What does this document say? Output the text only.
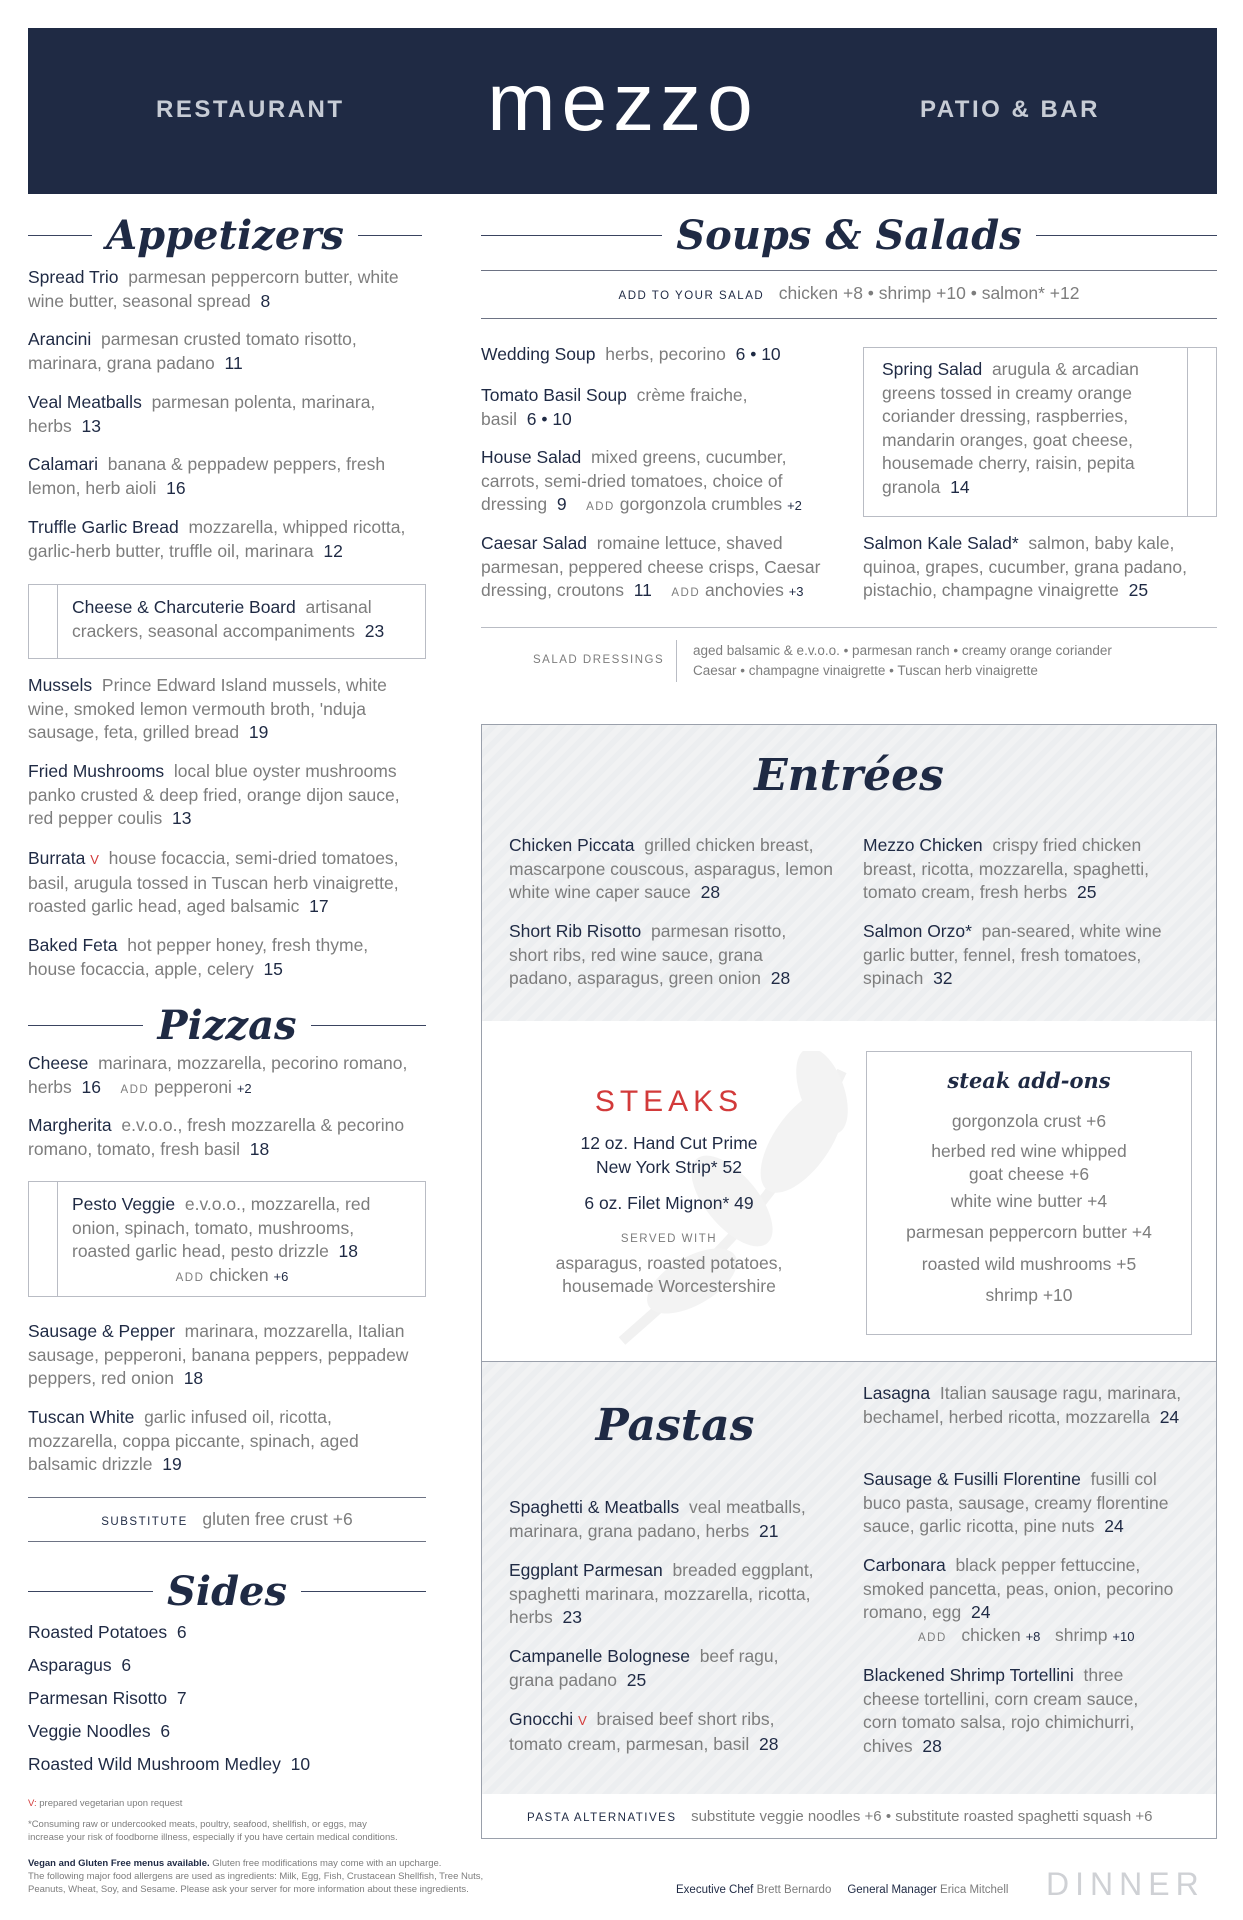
RESTAURANT	mezzo	PATIO & BAR
Appetizers
Spread Trio parmesan peppercorn butter, white wine butter, seasonal spread 8
Arancini parmesan crusted tomato risotto, marinara, grana padano 11
Veal Meatballs parmesan polenta, marinara, herbs 13
Calamari banana & peppadew peppers, fresh lemon, herb aioli 16
Truffle Garlic Bread mozzarella, whipped ricotta, garlic-herb butter, truffle oil, marinara 12
Cheese & Charcuterie Board artisanal crackers, seasonal accompaniments 23
Mussels Prince Edward Island mussels, white wine, smoked lemon vermouth broth, 'nduja sausage, feta, grilled bread 19
Fried Mushrooms local blue oyster mushrooms panko crusted & deep fried, orange dijon sauce, red pepper coulis 13
Burrata V house focaccia, semi-dried tomatoes, basil, arugula tossed in Tuscan herb vinaigrette, roasted garlic head, aged balsamic 17
Baked Feta hot pepper honey, fresh thyme, house focaccia, apple, celery 15
Pizzas
Cheese marinara, mozzarella, pecorino romano, herbs 16 ADD pepperoni +2
Margherita e.v.o.o., fresh mozzarella & pecorino romano, tomato, fresh basil 18
Pesto Veggie e.v.o.o., mozzarella, red onion, spinach, tomato, mushrooms, roasted garlic head, pesto drizzle 18
ADD chicken +6
Sausage & Pepper marinara, mozzarella, Italian sausage, pepperoni, banana peppers, peppadew peppers, red onion 18
Tuscan White garlic infused oil, ricotta, mozzarella, coppa piccante, spinach, aged balsamic drizzle 19
SUBSTITUTE gluten free crust +6
Sides
Roasted Potatoes 6
Asparagus 6
Parmesan Risotto 7
Veggie Noodles 6
Roasted Wild Mushroom Medley 10
V: prepared vegetarian upon request
*Consuming raw or undercooked meats, poultry, seafood, shellfish, or eggs, may
increase your risk of foodborne illness, especially if you have certain medical conditions.
Vegan and Gluten Free menus available. Gluten free modifications may come with an upcharge.
The following major food allergens are used as ingredients: Milk, Egg, Fish, Crustacean Shellfish, Tree Nuts,
Peanuts, Wheat, Soy, and Sesame. Please ask your server for more information about these ingredients.
Soups & Salads
ADD TO YOUR SALAD chicken +8 • shrimp +10 • salmon* +12
Wedding Soup herbs, pecorino 6 • 10
Tomato Basil Soup crème fraiche, basil 6 • 10
House Salad mixed greens, cucumber, carrots, semi-dried tomatoes, choice of dressing 9 ADD gorgonzola crumbles +2
Caesar Salad romaine lettuce, shaved parmesan, peppered cheese crisps, Caesar dressing, croutons 11 ADD anchovies +3
Spring Salad arugula & arcadian greens tossed in creamy orange coriander dressing, raspberries, mandarin oranges, goat cheese, housemade cherry, raisin, pepita granola 14
Salmon Kale Salad* salmon, baby kale, quinoa, grapes, cucumber, grana padano, pistachio, champagne vinaigrette 25
SALAD DRESSINGS
aged balsamic & e.v.o.o. • parmesan ranch • creamy orange coriander
Caesar • champagne vinaigrette • Tuscan herb vinaigrette
Entrées
Chicken Piccata grilled chicken breast, mascarpone couscous, asparagus, lemon white wine caper sauce 28
Short Rib Risotto parmesan risotto, short ribs, red wine sauce, grana padano, asparagus, green onion 28
Mezzo Chicken crispy fried chicken breast, ricotta, mozzarella, spaghetti, tomato cream, fresh herbs 25
Salmon Orzo* pan-seared, white wine garlic butter, fennel, fresh tomatoes, spinach 32
STEAKS
12 oz. Hand Cut Prime
New York Strip* 52
6 oz. Filet Mignon* 49
SERVED WITH
asparagus, roasted potatoes,
housemade Worcestershire
steak add-ons
gorgonzola crust +6
herbed red wine whipped
goat cheese +6
white wine butter +4
parmesan peppercorn butter +4
roasted wild mushrooms +5
shrimp +10
Pastas
Spaghetti & Meatballs veal meatballs, marinara, grana padano, herbs 21
Eggplant Parmesan breaded eggplant, spaghetti marinara, mozzarella, ricotta, herbs 23
Campanelle Bolognese beef ragu, grana padano 25
Gnocchi V braised beef short ribs, tomato cream, parmesan, basil 28
Lasagna Italian sausage ragu, marinara, bechamel, herbed ricotta, mozzarella 24
Sausage & Fusilli Florentine fusilli col buco pasta, sausage, creamy florentine sauce, garlic ricotta, pine nuts 24
Carbonara black pepper fettuccine, smoked pancetta, peas, onion, pecorino romano, egg 24
ADD chicken +8 shrimp +10
Blackened Shrimp Tortellini three cheese tortellini, corn cream sauce, corn tomato salsa, rojo chimichurri, chives 28
PASTA ALTERNATIVES substitute veggie noodles +6 • substitute roasted spaghetti squash +6
Executive Chef Brett Bernardo General Manager Erica Mitchell DINNER
